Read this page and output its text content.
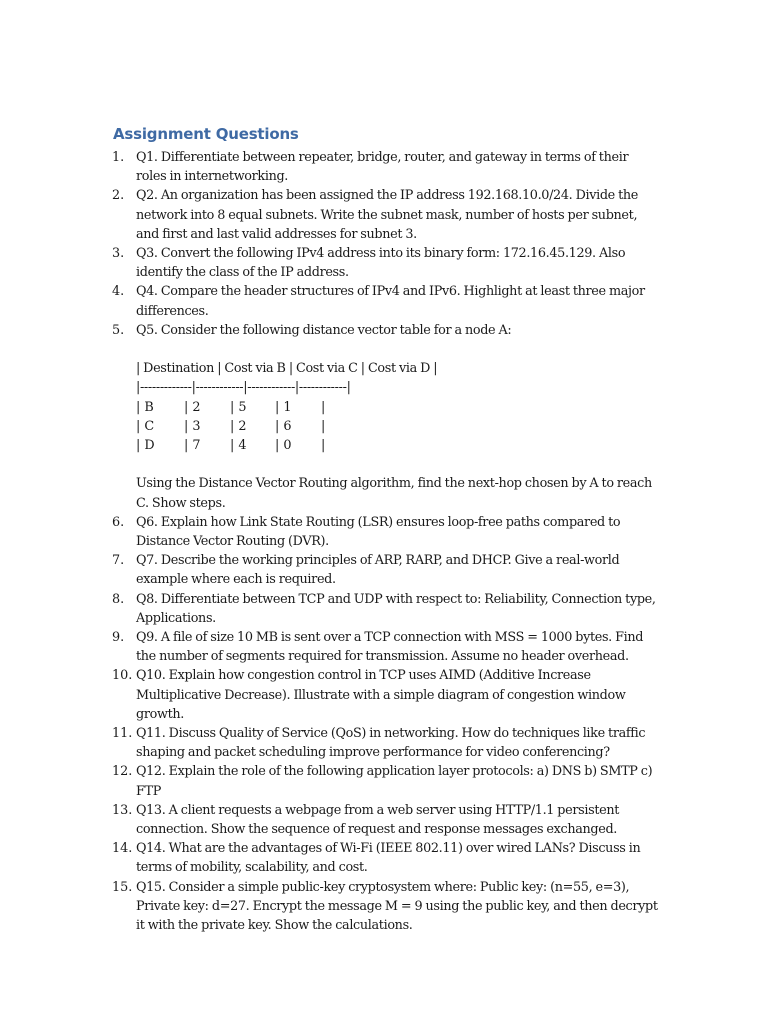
Assignment Questions
1. Q1. Differentiate between repeater, bridge, router, and gateway in terms of their roles in internetworking.
2. Q2. An organization has been assigned the IP address 192.168.10.0/24. Divide the network into 8 equal subnets. Write the subnet mask, number of hosts per subnet, and first and last valid addresses for subnet 3.
3. Q3. Convert the following IPv4 address into its binary form: 172.16.45.129. Also identify the class of the IP address.
4. Q4. Compare the header structures of IPv4 and IPv6. Highlight at least three major differences.
5. Q5. Consider the following distance vector table for a node A:
| Destination | Cost via B | Cost via C | Cost via D |
|-------------|------------|------------|------------|

| B

| 2

| 5

| 1

|

| C

| 3

| 2

| 6

|

| D

| 7

| 4

| 0

|

Using the Distance Vector Routing algorithm, find the next-hop chosen by A to reach C. Show steps.
6. Q6. Explain how Link State Routing (LSR) ensures loop-free paths compared to Distance Vector Routing (DVR).
7. Q7. Describe the working principles of ARP, RARP, and DHCP. Give a real-world example where each is required.
8. Q8. Differentiate between TCP and UDP with respect to: Reliability, Connection type, Applications.
9. Q9. A file of size 10 MB is sent over a TCP connection with MSS = 1000 bytes. Find the number of segments required for transmission. Assume no header overhead.
10. Q10. Explain how congestion control in TCP uses AIMD (Additive Increase Multiplicative Decrease). Illustrate with a simple diagram of congestion window growth.
11. Q11. Discuss Quality of Service (QoS) in networking. How do techniques like traffic shaping and packet scheduling improve performance for video conferencing?
12. Q12. Explain the role of the following application layer protocols: a) DNS b) SMTP c) FTP
13. Q13. A client requests a webpage from a web server using HTTP/1.1 persistent connection. Show the sequence of request and response messages exchanged.
14. Q14. What are the advantages of Wi-Fi (IEEE 802.11) over wired LANs? Discuss in terms of mobility, scalability, and cost.
15. Q15. Consider a simple public-key cryptosystem where: Public key: (n=55, e=3), Private key: d=27. Encrypt the message M = 9 using the public key, and then decrypt it with the private key. Show the calculations.
